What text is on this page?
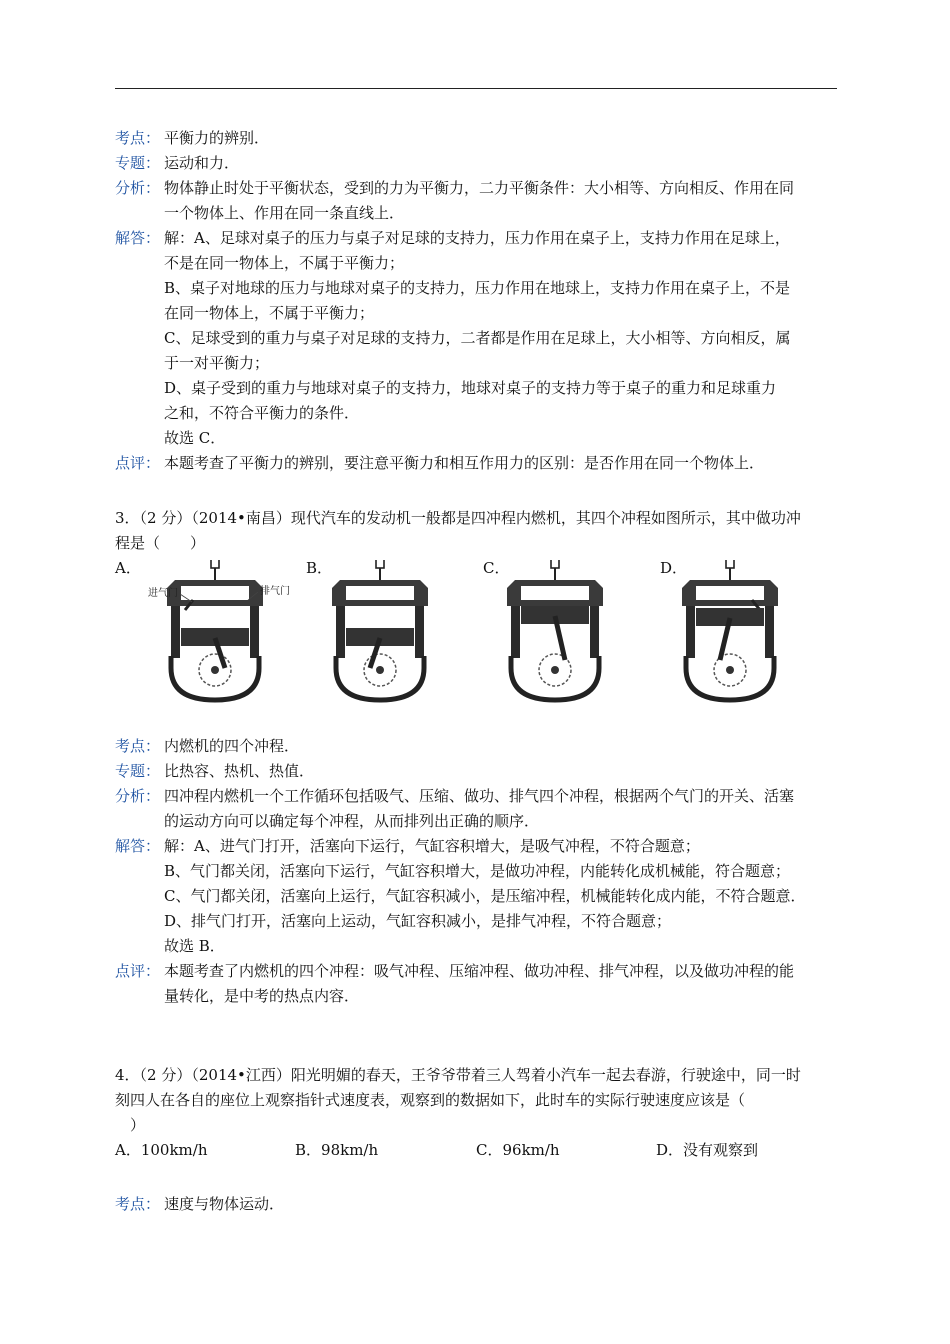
考点： 平衡力的辨别．

专题： 运动和力．

分析： 物体静止时处于平衡状态，受到的力为平衡力，二力平衡条件：大小相等、方向相反、作用在同

一个物体上、作用在同一条直线上．

解答： 解：A、足球对桌子的压力与桌子对足球的支持力，压力作用在桌子上，支持力作用在足球上，

不是在同一物体上，不属于平衡力；

B、桌子对地球的压力与地球对桌子的支持力，压力作用在地球上，支持力作用在桌子上，不是

在同一物体上，不属于平衡力；

C、足球受到的重力与桌子对足球的支持力，二者都是作用在足球上，大小相等、方向相反，属

于一对平衡力；

D、桌子受到的重力与地球对桌子的支持力，地球对桌子的支持力等于桌子的重力和足球重力

之和，不符合平衡力的条件．

故选 C．

点评： 本题考查了平衡力的辨别，要注意平衡力和相互作用力的区别：是否作用在同一个物体上．

3．（2 分）（2014•南昌）现代汽车的发动机一般都是四冲程内燃机，其四个冲程如图所示，其中做功冲

程是（　　）

A．	B．	C．	D．
进气门	排气门
考点： 内燃机的四个冲程．

专题： 比热容、热机、热值．

分析： 四冲程内燃机一个工作循环包括吸气、压缩、做功、排气四个冲程，根据两个气门的开关、活塞

的运动方向可以确定每个冲程，从而排列出正确的顺序．

解答： 解：A、进气门打开，活塞向下运行，气缸容积增大，是吸气冲程，不符合题意；

B、气门都关闭，活塞向下运行，气缸容积增大，是做功冲程，内能转化成机械能，符合题意；

C、气门都关闭，活塞向上运行，气缸容积减小，是压缩冲程，机械能转化成内能，不符合题意．

D、排气门打开，活塞向上运动，气缸容积减小，是排气冲程，不符合题意；

故选 B．

点评： 本题考查了内燃机的四个冲程：吸气冲程、压缩冲程、做功冲程、排气冲程，以及做功冲程的能

量转化，是中考的热点内容．

4．（2 分）（2014•江西）阳光明媚的春天，王爷爷带着三人驾着小汽车一起去春游，行驶途中，同一时

刻四人在各自的座位上观察指针式速度表，观察到的数据如下，此时车的实际行驶速度应该是（

　）

A．100km/h	B．98km/h	C．96km/h	D．没有观察到
考点： 速度与物体运动．
